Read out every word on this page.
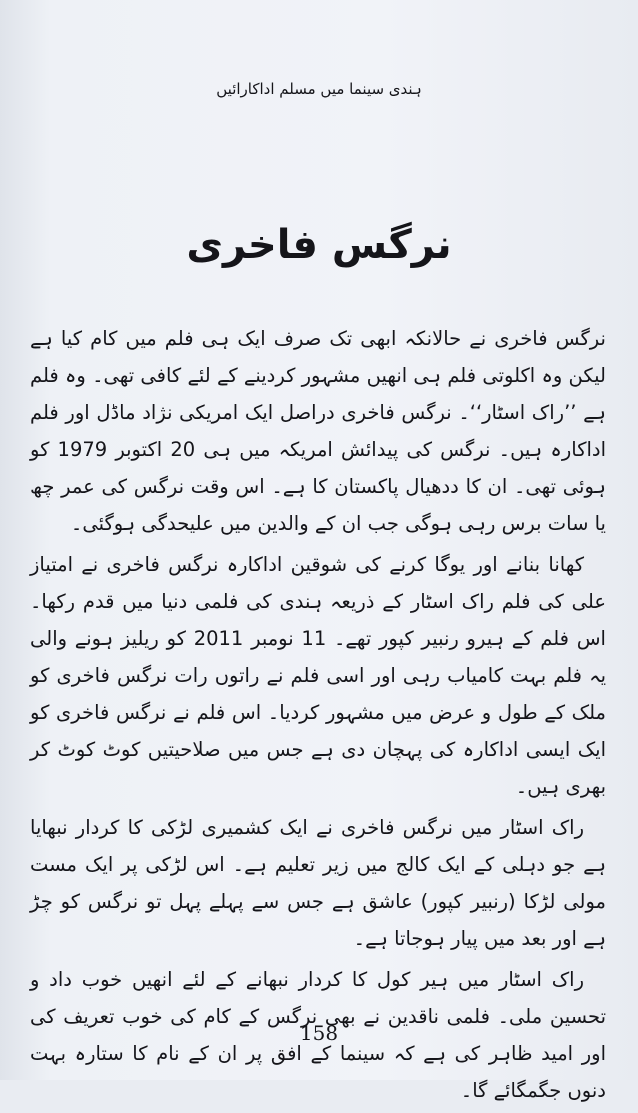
ہندی سینما میں مسلم اداکارائیں
نرگس فاخری

نرگس فاخری نے حالانکہ ابھی تک صرف ایک ہی فلم میں کام کیا ہے لیکن وہ اکلوتی فلم ہی انھیں مشہور کردینے کے لئے کافی تھی۔ وہ فلم ہے ’’راک اسٹار‘‘۔ نرگس فاخری دراصل ایک امریکی نژاد ماڈل اور فلم اداکارہ ہیں۔ نرگس کی پیدائش امریکہ میں ہی 20 اکتوبر 1979 کو ہوئی تھی۔ ان کا ددھیال پاکستان کا ہے۔ اس وقت نرگس کی عمر چھ یا سات برس رہی ہوگی جب ان کے والدین میں علیحدگی ہوگئی۔

کھانا بنانے اور یوگا کرنے کی شوقین اداکارہ نرگس فاخری نے امتیاز علی کی فلم راک اسٹار کے ذریعہ ہندی کی فلمی دنیا میں قدم رکھا۔ اس فلم کے ہیرو رنبیر کپور تھے۔ 11 نومبر 2011 کو ریلیز ہونے والی یہ فلم بہت کامیاب رہی اور اسی فلم نے راتوں رات نرگس فاخری کو ملک کے طول و عرض میں مشہور کردیا۔ اس فلم نے نرگس فاخری کو ایک ایسی اداکارہ کی پہچان دی ہے جس میں صلاحیتیں کوٹ کوٹ کر بھری ہیں۔

راک اسٹار میں نرگس فاخری نے ایک کشمیری لڑکی کا کردار نبھایا ہے جو دہلی کے ایک کالج میں زیر تعلیم ہے۔ اس لڑکی پر ایک مست مولی لڑکا (رنبیر کپور) عاشق ہے جس سے پہلے پہل تو نرگس کو چڑ ہے اور بعد میں پیار ہوجاتا ہے۔

راک اسٹار میں ہیر کول کا کردار نبھانے کے لئے انھیں خوب داد و تحسین ملی۔ فلمی ناقدین نے بھی نرگس کے کام کی خوب تعریف کی اور امید ظاہر کی ہے کہ سینما کے افق پر ان کے نام کا ستارہ بہت دنوں جگمگائے گا۔

158
